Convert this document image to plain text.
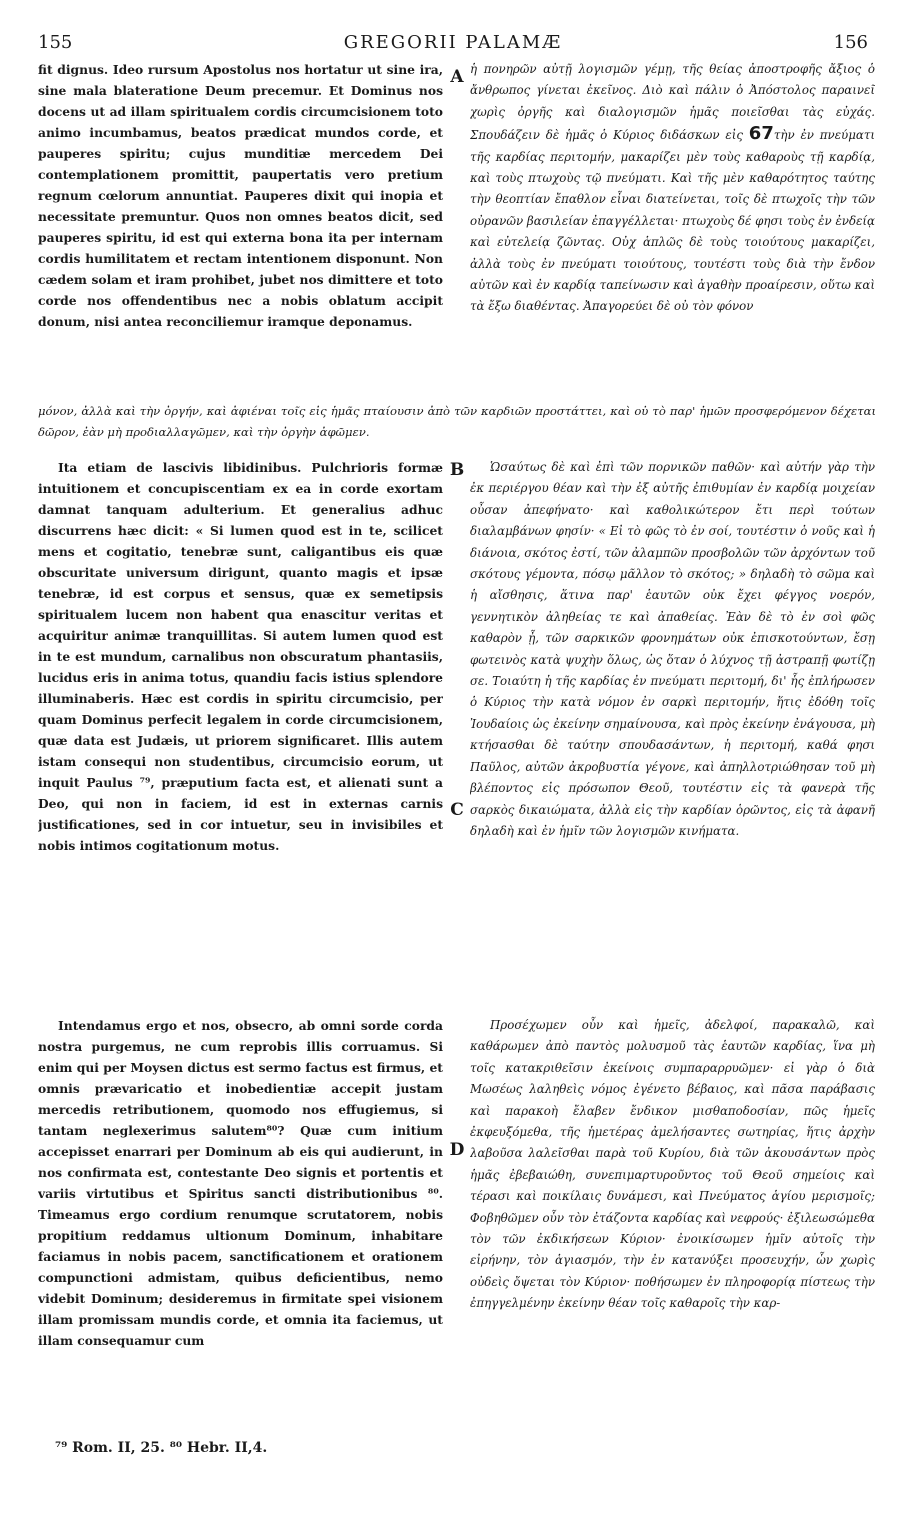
155	GREGORII PALAMÆ	156
A
B
C
D

fit dignus. Ideo rursum Apostolus nos hortatur ut sine ira, sine mala blateratione Deum precemur. Et Dominus nos docens ut ad illam spiritualem cordis circumcisionem toto animo incumbamus, beatos prædicat mundos corde, et pauperes spiritu; cujus munditiæ mercedem Dei contemplationem promittit, paupertatis vero pretium regnum cœlorum annuntiat. Pauperes dixit qui inopia et necessitate premuntur. Quos non omnes beatos dicit, sed pauperes spiritu, id est qui externa bona ita per internam cordis humilitatem et rectam intentionem disponunt. Non cædem solam et iram prohibet, jubet nos dimittere et toto corde nos offendentibus nec a nobis oblatum accipit donum, nisi antea reconciliemur iramque deponamus.

ἡ πονηρῶν αὐτῇ λογισμῶν γέμῃ, τῆς θείας ἀποστροφῆς ἄξιος ὁ ἄνθρωπος γίνεται ἐκεῖνος. Διὸ καὶ πάλιν ὁ Ἀπόστολος παραινεῖ χωρὶς ὀργῆς καὶ διαλογισμῶν ἡμᾶς ποιεῖσθαι τὰς εὐχάς. Σπουδάζειν δὲ ἡμᾶς ὁ Κύριος διδάσκων εἰς 67τὴν ἐν πνεύματι τῆς καρδίας περιτομήν, μακαρίζει μὲν τοὺς καθαροὺς τῇ καρδίᾳ, καὶ τοὺς πτωχοὺς τῷ πνεύματι. Καὶ τῆς μὲν καθαρότητος ταύτης τὴν θεοπτίαν ἔπαθλον εἶναι διατείνεται, τοῖς δὲ πτωχοῖς τὴν τῶν οὐρανῶν βασιλείαν ἐπαγγέλλεται· πτωχοὺς δέ φησι τοὺς ἐν ἐνδείᾳ καὶ εὐτελείᾳ ζῶντας. Οὐχ ἁπλῶς δὲ τοὺς τοιούτους μακαρίζει, ἀλλὰ τοὺς ἐν πνεύματι τοιούτους, τουτέστι τοὺς διὰ τὴν ἔνδον αὐτῶν καὶ ἐν καρδίᾳ ταπείνωσιν καὶ ἀγαθὴν προαίρεσιν, οὕτω καὶ τὰ ἔξω διαθέντας. Ἀπαγορεύει δὲ οὐ τὸν φόνον

μόνον, ἀλλὰ καὶ τὴν ὀργήν, καὶ ἀφιέναι τοῖς εἰς ἡμᾶς πταίουσιν ἀπὸ τῶν καρδιῶν προστάττει, καὶ οὐ τὸ παρ' ἡμῶν προσφερόμενον δέχεται δῶρον, ἐὰν μὴ προδιαλλαγῶμεν, καὶ τὴν ὀργὴν ἀφῶμεν.

Ita etiam de lascivis libidinibus. Pulchrioris formæ intuitionem et concupiscentiam ex ea in corde exortam damnat tanquam adulterium. Et generalius adhuc discurrens hæc dicit: « Si lumen quod est in te, scilicet mens et cogitatio, tenebræ sunt, caligantibus eis quæ obscuritate universum dirigunt, quanto magis et ipsæ tenebræ, id est corpus et sensus, quæ ex semetipsis spiritualem lucem non habent qua enascitur veritas et acquiritur animæ tranquillitas. Si autem lumen quod est in te est mundum, carnalibus non obscuratum phantasiis, lucidus eris in anima totus, quandiu facis istius splendore illuminaberis. Hæc est cordis in spiritu circumcisio, per quam Dominus perfecit legalem in corde circumcisionem, quæ data est Judæis, ut priorem significaret. Illis autem istam consequi non studentibus, circumcisio eorum, ut inquit Paulus ⁷⁹, præputium facta est, et alienati sunt a Deo, qui non in faciem, id est in externas carnis justificationes, sed in cor intuetur, seu in invisibiles et nobis intimos cogitationum motus.

Ὡσαύτως δὲ καὶ ἐπὶ τῶν πορνικῶν παθῶν· καὶ αὐτήν γὰρ τὴν ἐκ περιέργου θέαν καὶ τὴν ἐξ αὐτῆς ἐπιθυμίαν ἐν καρδίᾳ μοιχείαν οὖσαν ἀπεφήνατο· καὶ καθολικώτερον ἔτι περὶ τούτων διαλαμβάνων φησίν· « Εἰ τὸ φῶς τὸ ἐν σοί, τουτέστιν ὁ νοῦς καὶ ἡ διάνοια, σκότος ἐστί, τῶν ἀλαμπῶν προσβολῶν τῶν ἀρχόντων τοῦ σκότους γέμοντα, πόσῳ μᾶλλον τὸ σκότος; » δηλαδὴ τὸ σῶμα καὶ ἡ αἴσθησις, ἅτινα παρ' ἑαυτῶν οὐκ ἔχει φέγγος νοερόν, γεννητικὸν ἀληθείας τε καὶ ἀπαθείας. Ἐὰν δὲ τὸ ἐν σοὶ φῶς καθαρὸν ᾖ, τῶν σαρκικῶν φρονημάτων οὐκ ἐπισκοτούντων, ἔσῃ φωτεινὸς κατὰ ψυχὴν ὅλως, ὡς ὅταν ὁ λύχνος τῇ ἀστραπῇ φωτίζῃ σε. Τοιαύτη ἡ τῆς καρδίας ἐν πνεύματι περιτομή, δι' ἧς ἐπλήρωσεν ὁ Κύριος τὴν κατὰ νόμον ἐν σαρκὶ περιτομήν, ἥτις ἐδόθη τοῖς Ἰουδαίοις ὡς ἐκείνην σημαίνουσα, καὶ πρὸς ἐκείνην ἐνάγουσα, μὴ κτήσασθαι δὲ ταύτην σπουδασάντων, ἡ περιτομή, καθά φησι Παῦλος, αὐτῶν ἀκροβυστία γέγονε, καὶ ἀπηλλοτριώθησαν τοῦ μὴ βλέποντος εἰς πρόσωπον Θεοῦ, τουτέστιν εἰς τὰ φανερὰ τῆς σαρκὸς δικαιώματα, ἀλλὰ εἰς τὴν καρδίαν ὁρῶντος, εἰς τὰ ἀφανῆ δηλαδὴ καὶ ἐν ἡμῖν τῶν λογισμῶν κινήματα.

Intendamus ergo et nos, obsecro, ab omni sorde corda nostra purgemus, ne cum reprobis illis corruamus. Si enim qui per Moysen dictus est sermo factus est firmus, et omnis prævaricatio et inobedientiæ accepit justam mercedis retributionem, quomodo nos effugiemus, si tantam neglexerimus salutem⁸⁰? Quæ cum initium accepisset enarrari per Dominum ab eis qui audierunt, in nos confirmata est, contestante Deo signis et portentis et variis virtutibus et Spiritus sancti distributionibus ⁸⁰. Timeamus ergo cordium renumque scrutatorem, nobis propitium reddamus ultionum Dominum, inhabitare faciamus in nobis pacem, sanctificationem et orationem compunctioni admistam, quibus deficientibus, nemo videbit Dominum; desideremus in firmitate spei visionem illam promissam mundis corde, et omnia ita faciemus, ut illam consequamur cum

Προσέχωμεν οὖν καὶ ἡμεῖς, ἀδελφοί, παρακαλῶ, καὶ καθάρωμεν ἀπὸ παντὸς μολυσμοῦ τὰς ἑαυτῶν καρδίας, ἵνα μὴ τοῖς κατακριθεῖσιν ἐκείνοις συμπαραρρυῶμεν· εἰ γὰρ ὁ διὰ Μωσέως λαληθεὶς νόμος ἐγένετο βέβαιος, καὶ πᾶσα παράβασις καὶ παρακοὴ ἔλαβεν ἔνδικον μισθαποδοσίαν, πῶς ἡμεῖς ἐκφευξόμεθα, τῆς ἡμετέρας ἀμελήσαντες σωτηρίας, ἥτις ἀρχὴν λαβοῦσα λαλεῖσθαι παρὰ τοῦ Κυρίου, διὰ τῶν ἀκουσάντων πρὸς ἡμᾶς ἐβεβαιώθη, συνεπιμαρτυροῦντος τοῦ Θεοῦ σημείοις καὶ τέρασι καὶ ποικίλαις δυνάμεσι, καὶ Πνεύματος ἁγίου μερισμοῖς; Φοβηθῶμεν οὖν τὸν ἐτάζοντα καρδίας καὶ νεφρούς· ἐξιλεωσώμεθα τὸν τῶν ἐκδικήσεων Κύριον· ἐνοικίσωμεν ἡμῖν αὐτοῖς τὴν εἰρήνην, τὸν ἁγιασμόν, τὴν ἐν κατανύξει προσευχήν, ὧν χωρὶς οὐδεὶς ὄψεται τὸν Κύριον· ποθήσωμεν ἐν πληροφορίᾳ πίστεως τὴν ἐπηγγελμένην ἐκείνην θέαν τοῖς καθαροῖς τὴν καρ-

⁷⁹ Rom. II, 25. ⁸⁰ Hebr. II,4.
